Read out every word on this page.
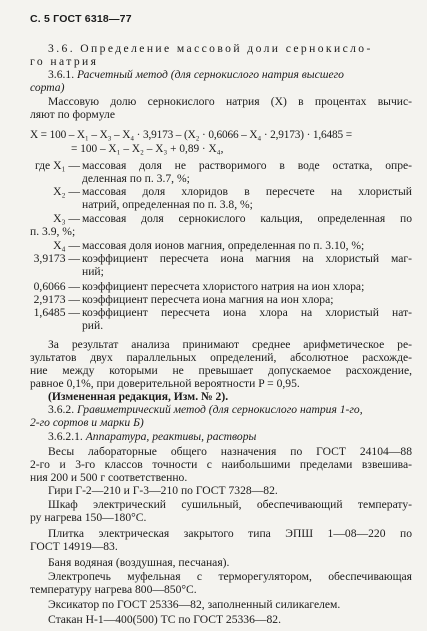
С. 5 ГОСТ 6318—77
3.6. Определение массовой доли сернокисло-
го натрия
3.6.1. Расчетный метод (для сернокислого натрия высшего
сорта)
Массовую долю сернокислого натрия (X) в процентах вычис-
ляют по формуле
X = 100 – X₁ – X₃ – X₄ · 3,9173 – (X₂ · 0,6066 – X₄ · 2,9173) · 1,6485 =
= 100 – X₁ – X₂ – X₃ + 0,89 · X₄,
где X₁ — массовая доля не растворимого в воде остатка, опре-
деленная по п. 3.7, %;
X₂ — массовая доля хлоридов в пересчете на хлористый
натрий, определенная по п. 3.8, %;
X₃ — массовая доля сернокислого кальция, определенная по
п. 3.9, %;
X₄ — массовая доля ионов магния, определенная по п. 3.10, %;
3,9173 — коэффициент пересчета иона магния на хлористый маг-
ний;
0,6066 — коэффициент пересчета хлористого натрия на ион хлора;
2,9173 — коэффициент пересчета иона магния на ион хлора;
1,6485 — коэффициент пересчета иона хлора на хлористый нат-
рий.
За результат анализа принимают среднее арифметическое ре-
зультатов двух параллельных определений, абсолютное расхожде-
ние между которыми не превышает допускаемое расхождение,
равное 0,1%, при доверительной вероятности P = 0,95.
(Измененная редакция, Изм. № 2).
3.6.2. Гравиметрический метод (для сернокислого натрия 1-го,
2-го сортов и марки Б)
3.6.2.1. Аппаратура, реактивы, растворы
Весы лабораторные общего назначения по ГОСТ 24104—88
2-го и 3-го классов точности с наибольшими пределами взвешива-
ния 200 и 500 г соответственно.
Гири Г-2—210 и Г-3—210 по ГОСТ 7328—82.
Шкаф электрический сушильный, обеспечивающий температу-
ру нагрева 150—180°С.
Плитка электрическая закрытого типа ЭПШ 1—08—220 по
ГОСТ 14919—83.
Баня водяная (воздушная, песчаная).
Электропечь муфельная с терморегулятором, обеспечивающая
температуру нагрева 800—850°С.
Эксикатор по ГОСТ 25336—82, заполненный силикагелем.
Стакан Н-1—400(500) ТС по ГОСТ 25336—82.
